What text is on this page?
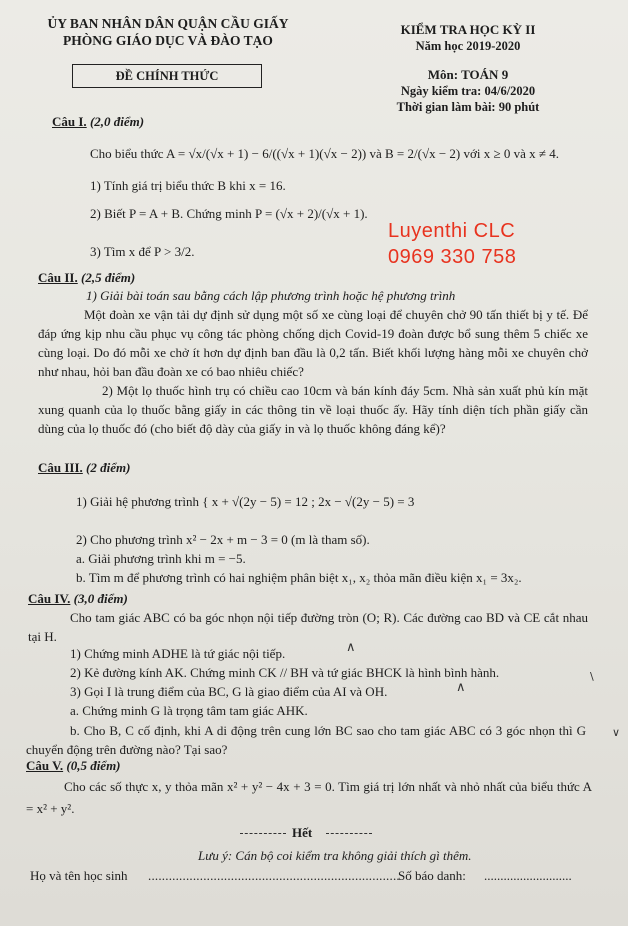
ỦY BAN NHÂN DÂN QUẬN CẦU GIẤY
PHÒNG GIÁO DỤC VÀ ĐÀO TẠO
ĐỀ CHÍNH THỨC
KIỂM TRA HỌC KỲ II
Năm học 2019-2020
Môn: TOÁN 9
Ngày kiểm tra: 04/6/2020
Thời gian làm bài: 90 phút
Luyenthi CLC
0969 330 758
Câu I. (2,0 điểm)
Cho biểu thức A = √x/(√x + 1) − 6/((√x + 1)(√x − 2)) và B = 2/(√x − 2) với x ≥ 0 và x ≠ 4.
1) Tính giá trị biểu thức B khi x = 16.
2) Biết P = A + B. Chứng minh P = (√x + 2)/(√x + 1).
3) Tìm x để P > 3/2.
Câu II. (2,5 điểm)
1) Giải bài toán sau bằng cách lập phương trình hoặc hệ phương trình
Một đoàn xe vận tải dự định sử dụng một số xe cùng loại để chuyên chở 90 tấn thiết bị y tế. Để đáp ứng kịp nhu cầu phục vụ công tác phòng chống dịch Covid-19 đoàn được bổ sung thêm 5 chiếc xe cùng loại. Do đó mỗi xe chở ít hơn dự định ban đầu là 0,2 tấn. Biết khối lượng hàng mỗi xe chuyên chở như nhau, hỏi ban đầu đoàn xe có bao nhiêu chiếc?
2) Một lọ thuốc hình trụ có chiều cao 10cm và bán kính đáy 5cm. Nhà sản xuất phủ kín mặt xung quanh của lọ thuốc bằng giấy in các thông tin về loại thuốc ấy. Hãy tính diện tích phần giấy cần dùng của lọ thuốc đó (cho biết độ dày của giấy in và lọ thuốc không đáng kể)?
Câu III. (2 điểm)
1) Giải hệ phương trình { x + √(2y − 5) = 12 ; 2x − √(2y − 5) = 3
2) Cho phương trình x² − 2x + m − 3 = 0 (m là tham số).
a. Giải phương trình khi m = −5.
b. Tìm m để phương trình có hai nghiệm phân biệt x₁, x₂ thỏa mãn điều kiện x₁ = 3x₂.
Câu IV. (3,0 điểm)
Cho tam giác ABC có ba góc nhọn nội tiếp đường tròn (O; R). Các đường cao BD và CE cắt nhau tại H.
1) Chứng minh ADHE là tứ giác nội tiếp.
2) Kẻ đường kính AK. Chứng minh CK // BH và tứ giác BHCK là hình bình hành.
3) Gọi I là trung điểm của BC, G là giao điểm của AI và OH.
a. Chứng minh G là trọng tâm tam giác AHK.
b. Cho B, C cố định, khi A di động trên cung lớn BC sao cho tam giác ABC có 3 góc nhọn thì G chuyển động trên đường nào? Tại sao?
∧
∧
\
∨
Câu V. (0,5 điểm)
Cho các số thực x, y thỏa mãn x² + y² − 4x + 3 = 0. Tìm giá trị lớn nhất và nhỏ nhất của biểu thức A = x² + y².
Hết
Lưu ý: Cán bộ coi kiểm tra không giải thích gì thêm.
Họ và tên học sinh .........................................................................
Số báo danh: ...........................
